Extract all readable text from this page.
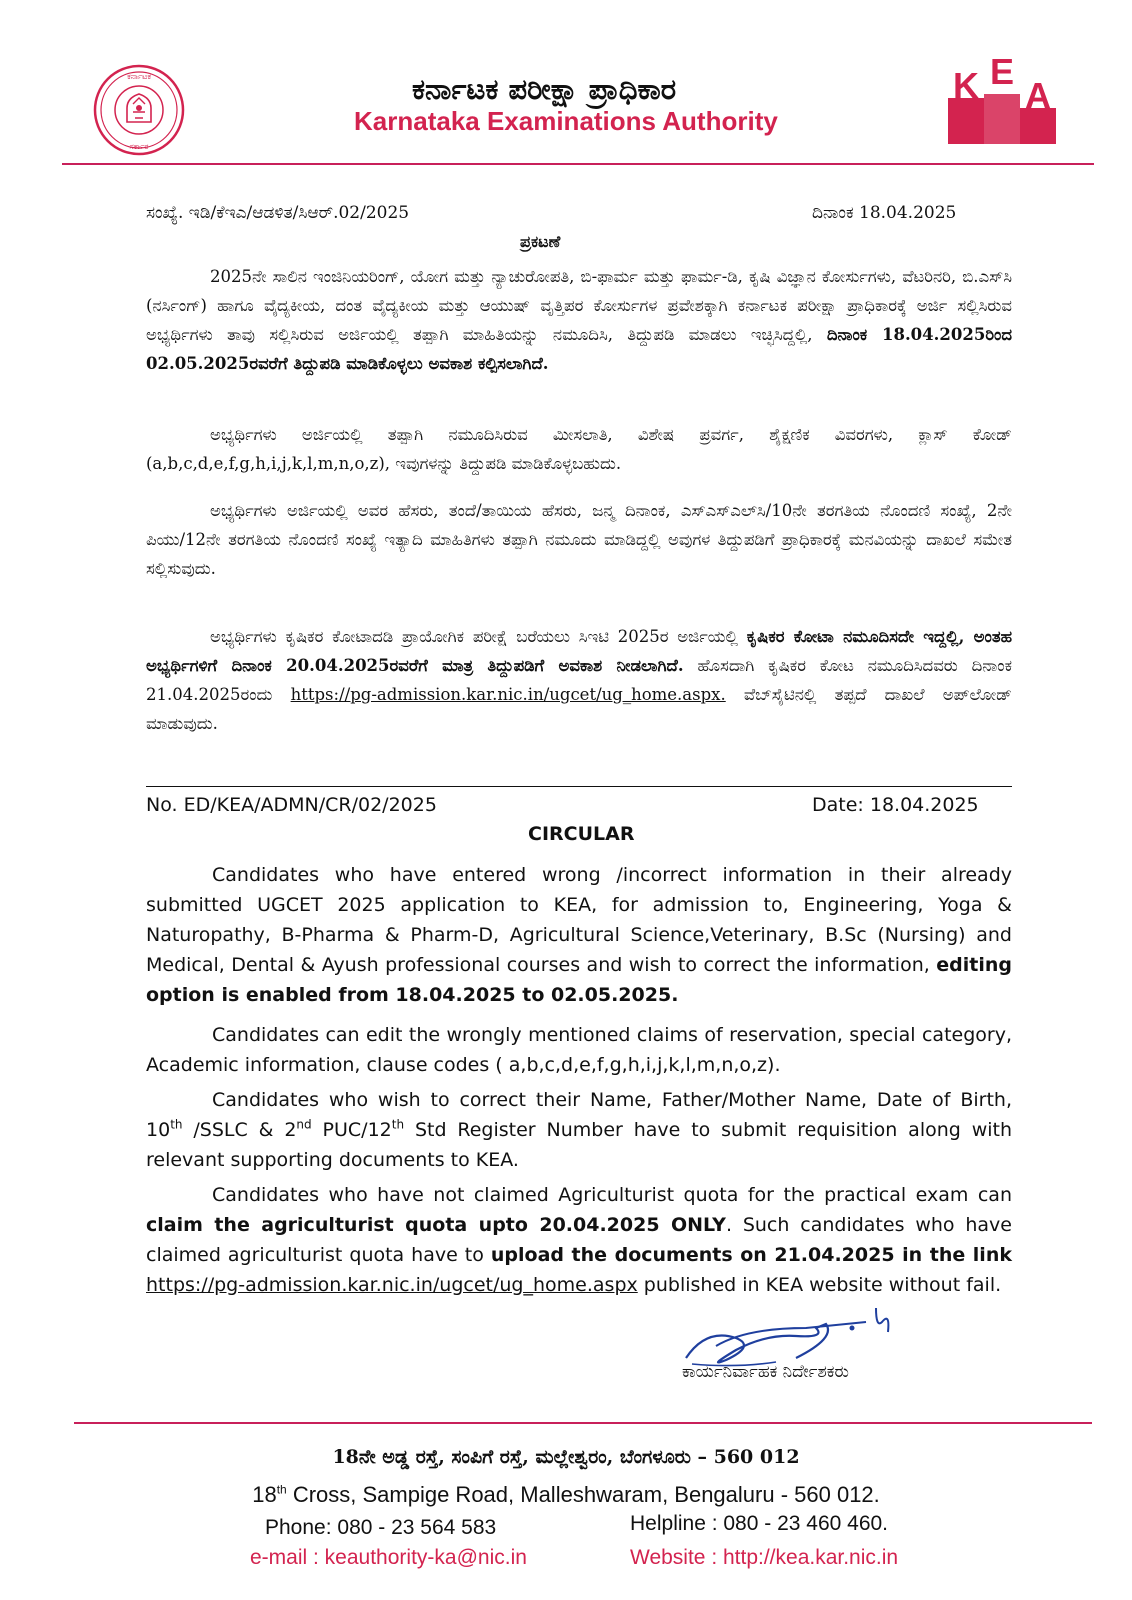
ಕರ್ನಾಟಕ
ಸರ್ಕಾರ
ಕರ್ನಾಟಕ ಪರೀಕ್ಷಾ ಪ್ರಾಧಿಕಾರ
Karnataka Examinations Authority
K E
A
ಸಂಖ್ಯೆ. ಇಡಿ/ಕೆಇಎ/ಆಡಳಿತ/ಸಿಆರ್.02/2025	ದಿನಾಂಕ 18.04.2025
ಪ್ರಕಟಣೆ
2025ನೇ ಸಾಲಿನ ಇಂಜಿನಿಯರಿಂಗ್, ಯೋಗ ಮತ್ತು ನ್ಯಾಚುರೋಪತಿ, ಬಿ-ಫಾರ್ಮ ಮತ್ತು ಫಾರ್ಮ-ಡಿ, ಕೃಷಿ ವಿಜ್ಞಾನ ಕೋರ್ಸುಗಳು, ವೆಟರಿನರಿ, ಬಿ.ಎಸ್‌ಸಿ (ನರ್ಸಿಂಗ್) ಹಾಗೂ ವೈದ್ಯಕೀಯ, ದಂತ ವೈದ್ಯಕೀಯ ಮತ್ತು ಆಯುಷ್ ವೃತ್ತಿಪರ ಕೋರ್ಸುಗಳ ಪ್ರವೇಶಕ್ಕಾಗಿ ಕರ್ನಾಟಕ ಪರೀಕ್ಷಾ ಪ್ರಾಧಿಕಾರಕ್ಕೆ ಅರ್ಜಿ ಸಲ್ಲಿಸಿರುವ ಅಭ್ಯರ್ಥಿಗಳು ತಾವು ಸಲ್ಲಿಸಿರುವ ಅರ್ಜಿಯಲ್ಲಿ ತಪ್ಪಾಗಿ ಮಾಹಿತಿಯನ್ನು ನಮೂದಿಸಿ, ತಿದ್ದುಪಡಿ ಮಾಡಲು ಇಚ್ಛಿಸಿದ್ದಲ್ಲಿ, ದಿನಾಂಕ 18.04.2025ರಿಂದ 02.05.2025ರವರೆಗೆ ತಿದ್ದುಪಡಿ ಮಾಡಿಕೊಳ್ಳಲು ಅವಕಾಶ ಕಲ್ಪಿಸಲಾಗಿದೆ.
ಅಭ್ಯರ್ಥಿಗಳು ಅರ್ಜಿಯಲ್ಲಿ ತಪ್ಪಾಗಿ ನಮೂದಿಸಿರುವ ಮೀಸಲಾತಿ, ವಿಶೇಷ ಪ್ರವರ್ಗ, ಶೈಕ್ಷಣಿಕ ವಿವರಗಳು, ಕ್ಲಾಸ್ ಕೋಡ್ (a,b,c,d,e,f,g,h,i,j,k,l,m,n,o,z), ಇವುಗಳನ್ನು ತಿದ್ದುಪಡಿ ಮಾಡಿಕೊಳ್ಳಬಹುದು.
ಅಭ್ಯರ್ಥಿಗಳು ಅರ್ಜಿಯಲ್ಲಿ ಅವರ ಹೆಸರು, ತಂದೆ/ತಾಯಿಯ ಹೆಸರು, ಜನ್ಮ ದಿನಾಂಕ, ಎಸ್‌ಎಸ್‌ಎಲ್‌ಸಿ/10ನೇ ತರಗತಿಯ ನೊಂದಣಿ ಸಂಖ್ಯೆ, 2ನೇ ಪಿಯು/12ನೇ ತರಗತಿಯ ನೊಂದಣಿ ಸಂಖ್ಯೆ ಇತ್ಯಾದಿ ಮಾಹಿತಿಗಳು ತಪ್ಪಾಗಿ ನಮೂದು ಮಾಡಿದ್ದಲ್ಲಿ ಅವುಗಳ ತಿದ್ದುಪಡಿಗೆ ಪ್ರಾಧಿಕಾರಕ್ಕೆ ಮನವಿಯನ್ನು ದಾಖಲೆ ಸಮೇತ ಸಲ್ಲಿಸುವುದು.
ಅಭ್ಯರ್ಥಿಗಳು ಕೃಷಿಕರ ಕೋಟಾದಡಿ ಪ್ರಾಯೋಗಿಕ ಪರೀಕ್ಷೆ ಬರೆಯಲು ಸಿಇಟಿ 2025ರ ಅರ್ಜಿಯಲ್ಲಿ ಕೃಷಿಕರ ಕೋಟಾ ನಮೂದಿಸದೇ ಇದ್ದಲ್ಲಿ, ಅಂತಹ ಅಭ್ಯರ್ಥಿಗಳಿಗೆ ದಿನಾಂಕ 20.04.2025ರವರೆಗೆ ಮಾತ್ರ ತಿದ್ದುಪಡಿಗೆ ಅವಕಾಶ ನೀಡಲಾಗಿದೆ. ಹೊಸದಾಗಿ ಕೃಷಿಕರ ಕೋಟ ನಮೂದಿಸಿದವರು ದಿನಾಂಕ 21.04.2025ರಂದು https://pg-admission.kar.nic.in/ugcet/ug_home.aspx. ವೆಬ್‌ಸೈಟಿನಲ್ಲಿ ತಪ್ಪದೆ ದಾಖಲೆ ಅಪ್‌ಲೋಡ್ ಮಾಡುವುದು.
No. ED/KEA/ADMN/CR/02/2025	Date: 18.04.2025
CIRCULAR
Candidates who have entered wrong /incorrect information in their already submitted UGCET 2025 application to KEA, for admission to, Engineering, Yoga & Naturopathy, B-Pharma & Pharm-D, Agricultural Science,Veterinary, B.Sc (Nursing) and Medical, Dental & Ayush professional courses and wish to correct the information, editing option is enabled from 18.04.2025 to 02.05.2025.
Candidates can edit the wrongly mentioned claims of reservation, special category, Academic information, clause codes ( a,b,c,d,e,f,g,h,i,j,k,l,m,n,o,z).
Candidates who wish to correct their Name, Father/Mother Name, Date of Birth, 10th /SSLC & 2nd PUC/12th Std Register Number have to submit requisition along with relevant supporting documents to KEA.
Candidates who have not claimed Agriculturist quota for the practical exam can claim the agriculturist quota upto 20.04.2025 ONLY. Such candidates who have claimed agriculturist quota have to upload the documents on 21.04.2025 in the link https://pg-admission.kar.nic.in/ugcet/ug_home.aspx published in KEA website without fail.
ಕಾರ್ಯನಿರ್ವಾಹಕ ನಿರ್ದೇಶಕರು
18ನೇ ಅಡ್ಡ ರಸ್ತೆ, ಸಂಪಿಗೆ ರಸ್ತೆ, ಮಲ್ಲೇಶ್ವರಂ, ಬೆಂಗಳೂರು – 560 012
18th Cross, Sampige Road, Malleshwaram, Bengaluru - 560 012.
Phone: 080 - 23 564 583	Helpline : 080 - 23 460 460.
e-mail : keauthority-ka@nic.in	Website : http://kea.kar.nic.in
